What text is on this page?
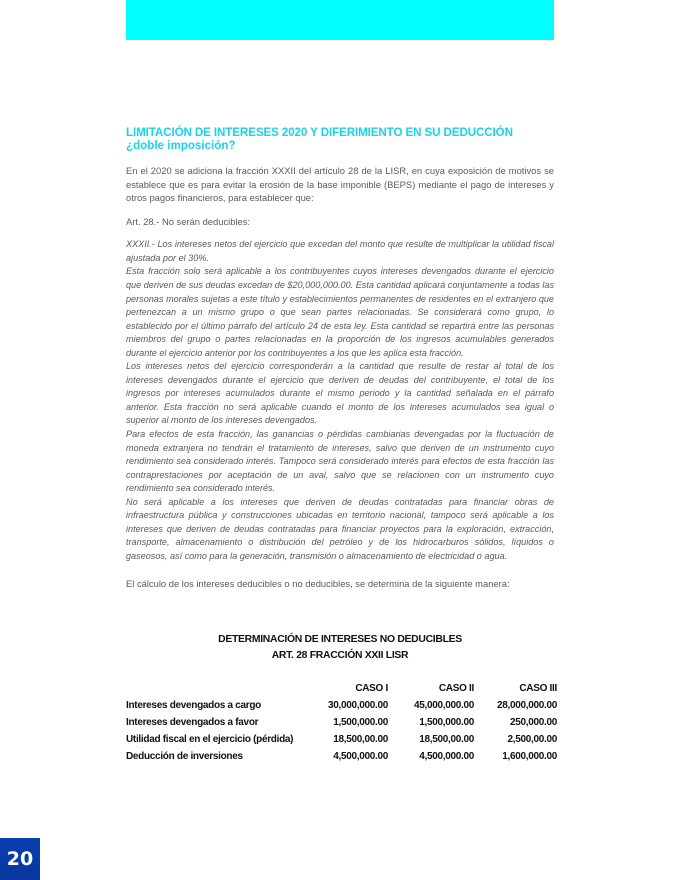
LIMITACIÓN DE INTERESES 2020 Y DIFERIMIENTO EN SU DEDUCCIÓN
¿doble imposición?

En el 2020 se adiciona la fracción XXXII del artículo 28 de la LISR, en cuya exposición de motivos se establece que es para evitar la erosión de la base imponible (BEPS) mediante el pago de intereses y otros pagos financieros, para establecer que:

Art. 28.- No serán deducibles:

XXXII.- Los intereses netos del ejercicio que excedan del monto que resulte de multiplicar la utilidad fiscal ajustada por el 30%.

Esta fracción solo será aplicable a los contribuyentes cuyos intereses devengados durante el ejercicio que deriven de sus deudas excedan de $20,000,000.00. Esta cantidad aplicará conjuntamente a todas las personas morales sujetas a este título y establecimientos permanentes de residentes en el extranjero que pertenezcan a un mismo grupo o que sean partes relacionadas. Se considerará como grupo, lo establecido por el último párrafo del artículo 24 de esta ley. Esta cantidad se repartirá entre las personas miembros del grupo o partes relacionadas en la proporción de los ingresos acumulables generados durante el ejercicio anterior por los contribuyentes a los que les aplica esta fracción.

Los intereses netos del ejercicio corresponderán a la cantidad que resulte de restar al total de los intereses devengados durante el ejercicio que deriven de deudas del contribuyente, el total de los ingresos por intereses acumulados durante el mismo periodo y la cantidad señalada en el párrafo anterior. Esta fracción no será aplicable cuando el monto de los intereses acumulados sea igual o superior al monto de los intereses devengados.

Para efectos de esta fracción, las ganancias o pérdidas cambiarias devengadas por la fluctuación de moneda extranjera no tendrán el tratamiento de intereses, salvo que deriven de un instrumento cuyo rendimiento sea considerado interés. Tampoco será considerado interés para efectos de esta fracción las contraprestaciones por aceptación de un aval, salvo que se relacionen con un instrumento cuyo rendimiento sea considerado interés.

No será aplicable a los intereses que deriven de deudas contratadas para financiar obras de infraestructura pública y construcciones ubicadas en territorio nacional, tampoco será aplicable a los intereses que deriven de deudas contratadas para financiar proyectos para la exploración, extracción, transporte, almacenamiento o distribución del petróleo y de los hidrocarburos sólidos, líquidos o gaseosos, así como para la generación, transmisión o almacenamiento de electricidad o agua.

El cálculo de los intereses deducibles o no deducibles, se determina de la siguiente manera:

DETERMINACIÓN DE INTERESES NO DEDUCIBLES
ART. 28 FRACCIÓN XXII LISR
	CASO I	CASO II	CASO III
Intereses devengados a cargo	30,000,000.00	45,000,000.00	28,000,000.00
Intereses devengados a favor	1,500,000.00	1,500,000.00	250,000.00
Utilidad fiscal en el ejercicio (pérdida)	18,500,00.00	18,500,00.00	2,500,00.00
Deducción de inversiones	4,500,000.00	4,500,000.00	1,600,000.00
20
